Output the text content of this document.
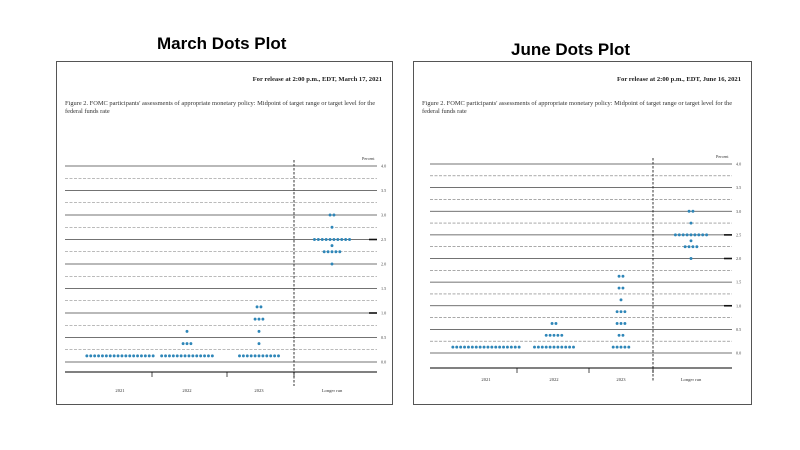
March Dots Plot	June Dots Plot
For release at 2:00 p.m., EDT, March 17, 2021
Figure 2. FOMC participants' assessments of appropriate monetary policy: Midpoint of target range or target level for the federal funds rate
Percent
0.0
0.5
1.0
1.5
2.0
2.5
3.0
3.5
4.0
2021	2022	2023	Longer run
For release at 2:00 p.m., EDT, June 16, 2021
Figure 2. FOMC participants' assessments of appropriate monetary policy: Midpoint of target range or target level for the federal funds rate
Percent
0.0
0.5
1.0
1.5
2.0
2.5
3.0
3.5
4.0
2021	2022	2023	Longer run
